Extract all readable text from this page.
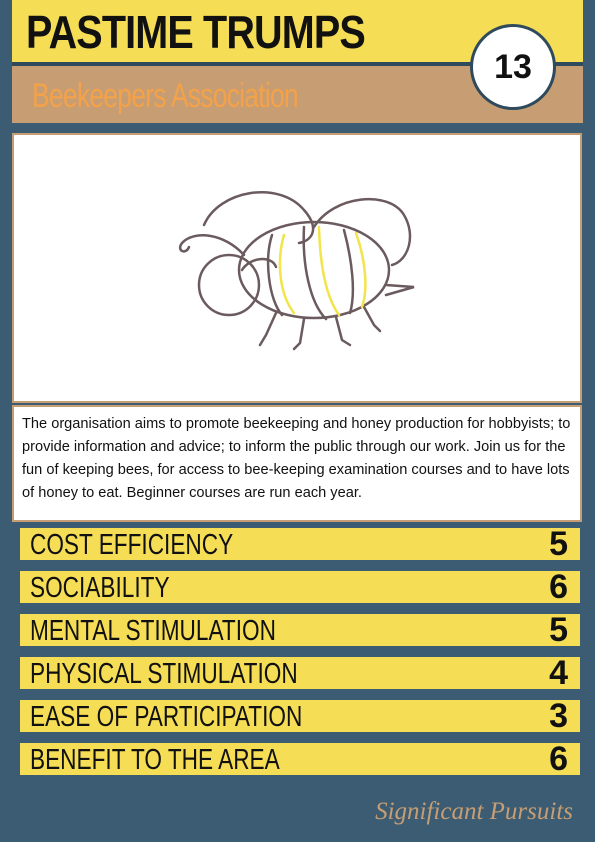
PASTIME TRUMPS
Beekeepers Association
13
The organisation aims to promote beekeeping and honey production for hobbyists; to provide information and advice; to inform the public through our work. Join us for the fun of keeping bees, for access to bee-keeping examination courses and to have lots of honey to eat. Beginner courses are run each year.
COST EFFICIENCY	5
SOCIABILITY	6
MENTAL STIMULATION	5
PHYSICAL STIMULATION	4
EASE OF PARTICIPATION	3
BENEFIT TO THE AREA	6
Significant Pursuits
